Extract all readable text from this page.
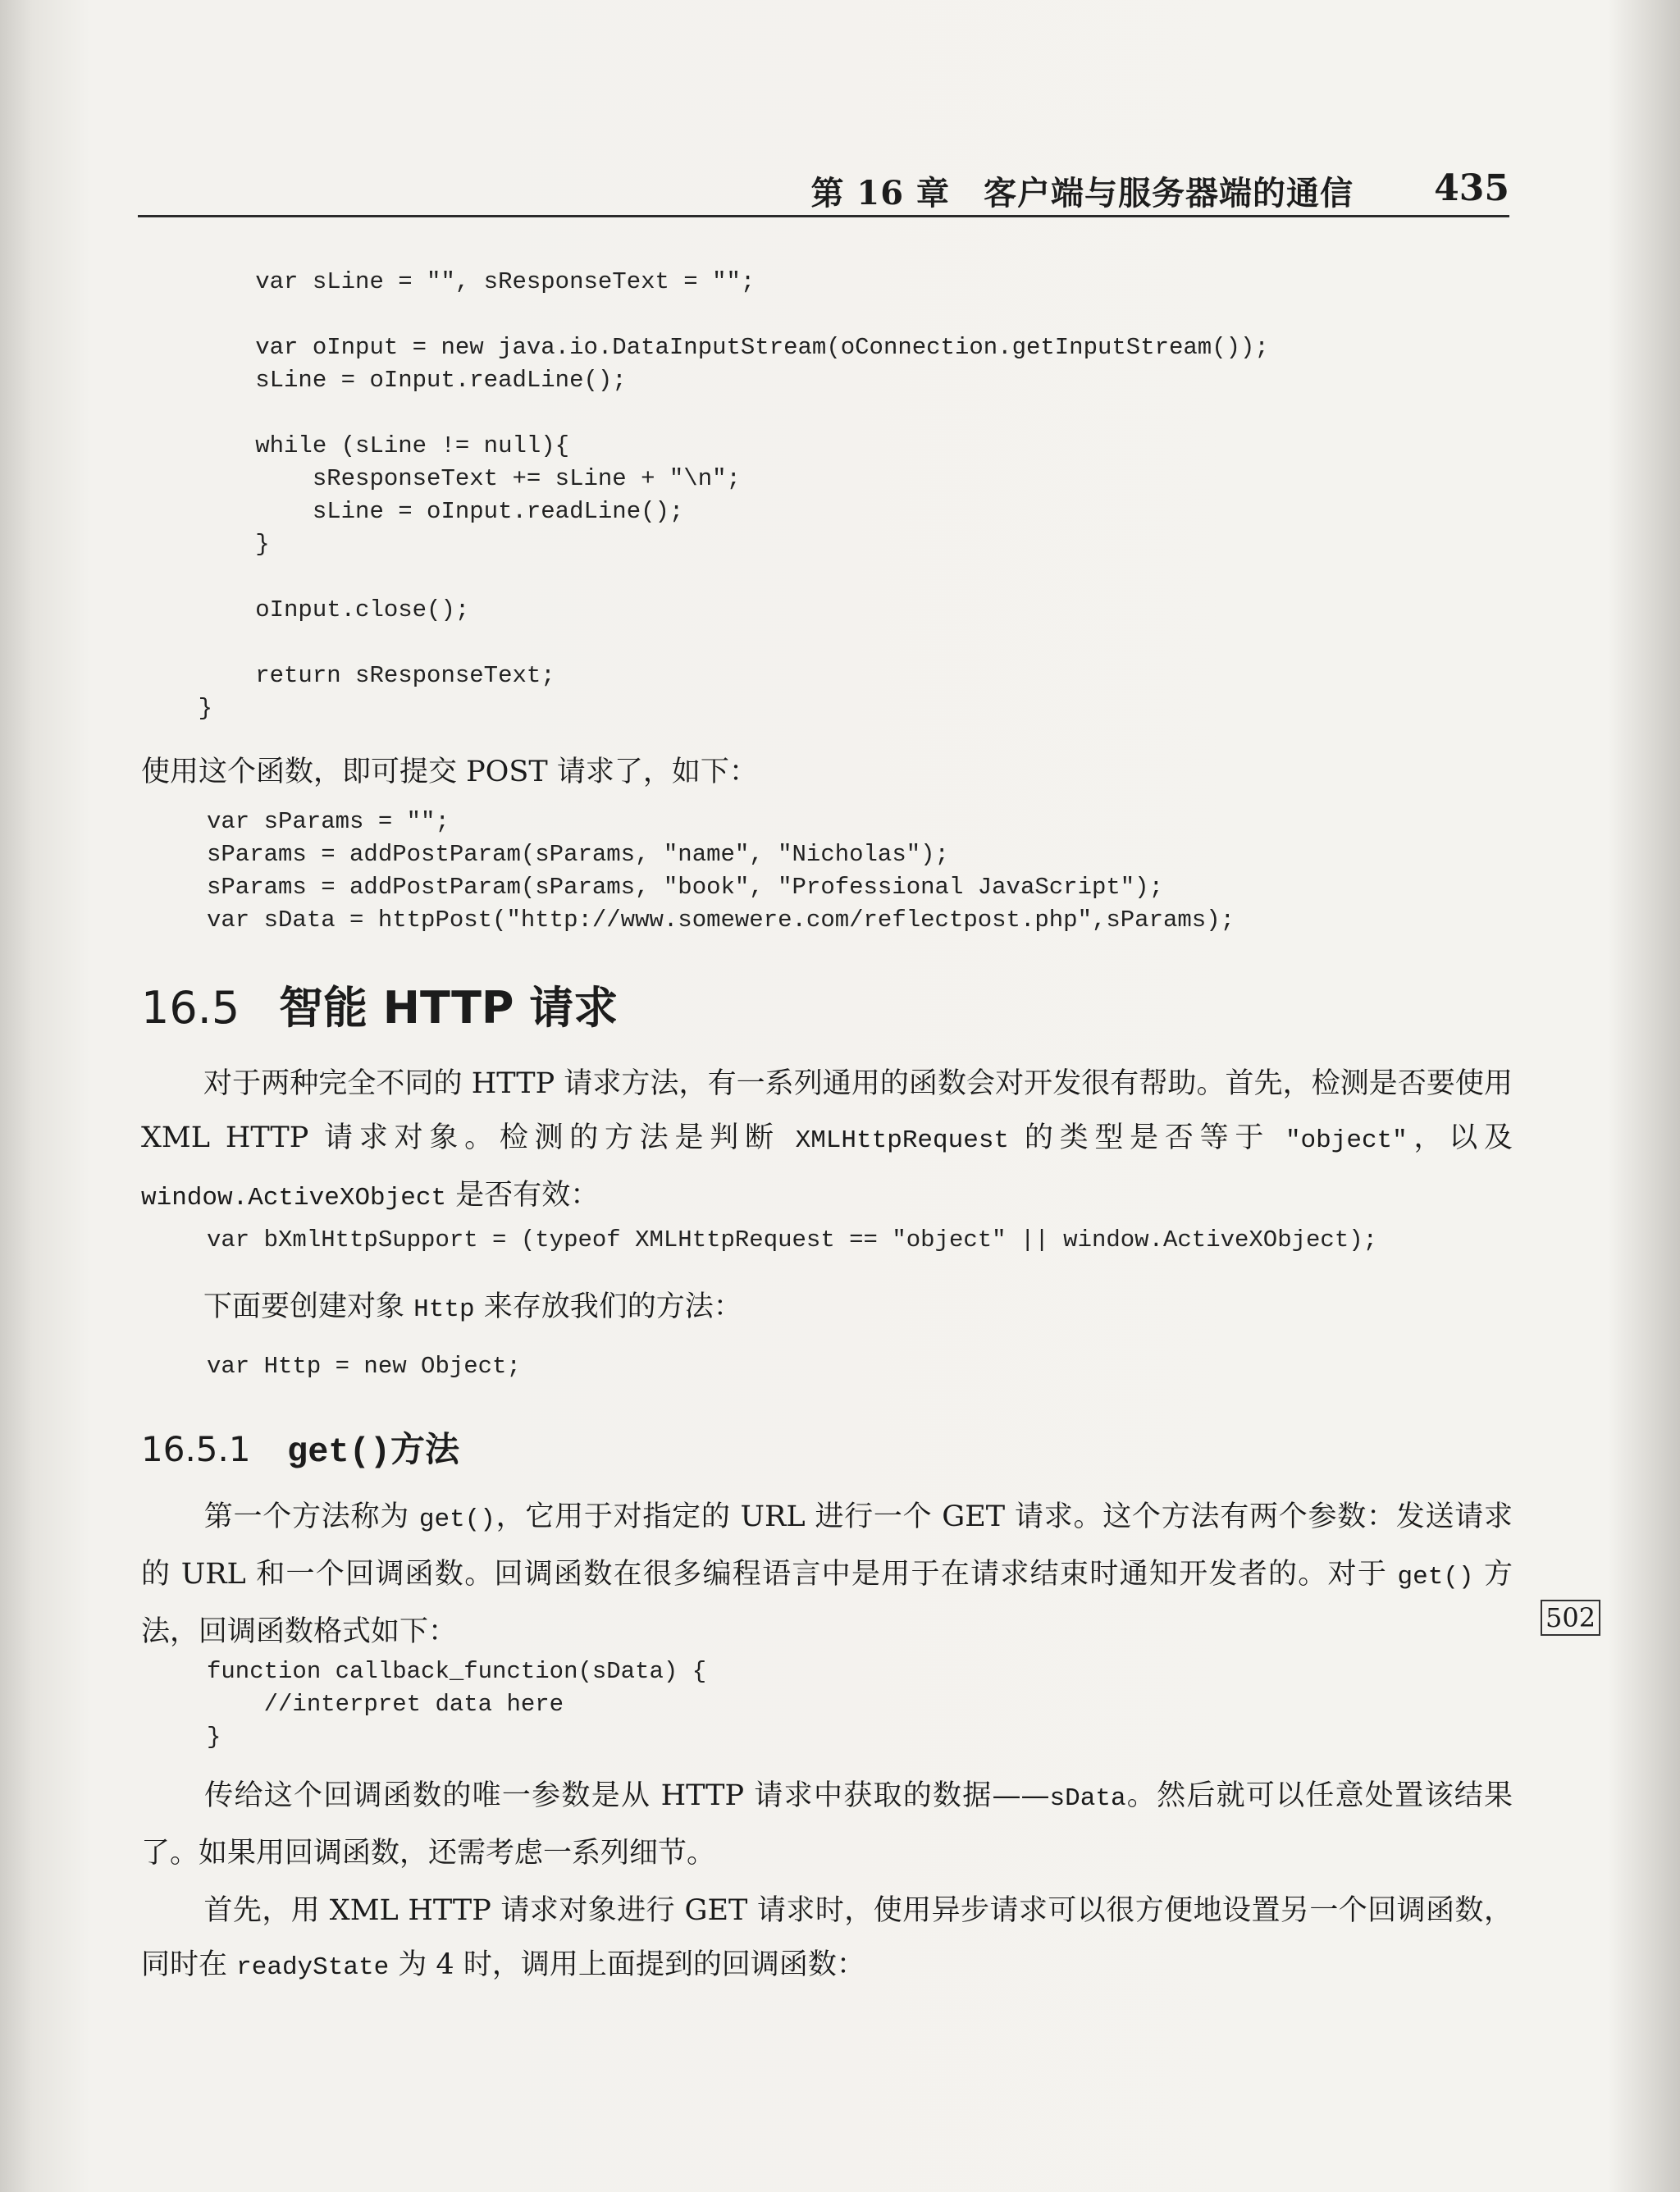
第 16 章　客户端与服务器端的通信 435
var sLine = "", sResponseText = "";

var oInput = new java.io.DataInputStream(oConnection.getInputStream());
sLine = oInput.readLine();

while (sLine != null){
sResponseText += sLine + "\n";
sLine = oInput.readLine();
}

oInput.close();

return sResponseText;
}
使用这个函数，即可提交 POST 请求了，如下：
var sParams = "";
sParams = addPostParam(sParams, "name", "Nicholas");
sParams = addPostParam(sParams, "book", "Professional JavaScript");
var sData = httpPost("http://www.somewere.com/reflectpost.php",sParams);
16.5 智能 HTTP 请求
对于两种完全不同的 HTTP 请求方法，有一系列通用的函数会对开发很有帮助。首先，检测是否要使用 XML HTTP 请求对象。检测的方法是判断 XMLHttpRequest 的类型是否等于 "object"，以及 window.ActiveXObject 是否有效：
var bXmlHttpSupport = (typeof XMLHttpRequest == "object" || window.ActiveXObject);
下面要创建对象 Http 来存放我们的方法：
var Http = new Object;
16.5.1 get()方法
第一个方法称为 get()，它用于对指定的 URL 进行一个 GET 请求。这个方法有两个参数：发送请求的 URL 和一个回调函数。回调函数在很多编程语言中是用于在请求结束时通知开发者的。对于 get() 方法，回调函数格式如下：	502
function callback_function(sData) {
//interpret data here
}
传给这个回调函数的唯一参数是从 HTTP 请求中获取的数据——sData。然后就可以任意处置该结果了。如果用回调函数，还需考虑一系列细节。
首先，用 XML HTTP 请求对象进行 GET 请求时，使用异步请求可以很方便地设置另一个回调函数，同时在 readyState 为 4 时，调用上面提到的回调函数：
